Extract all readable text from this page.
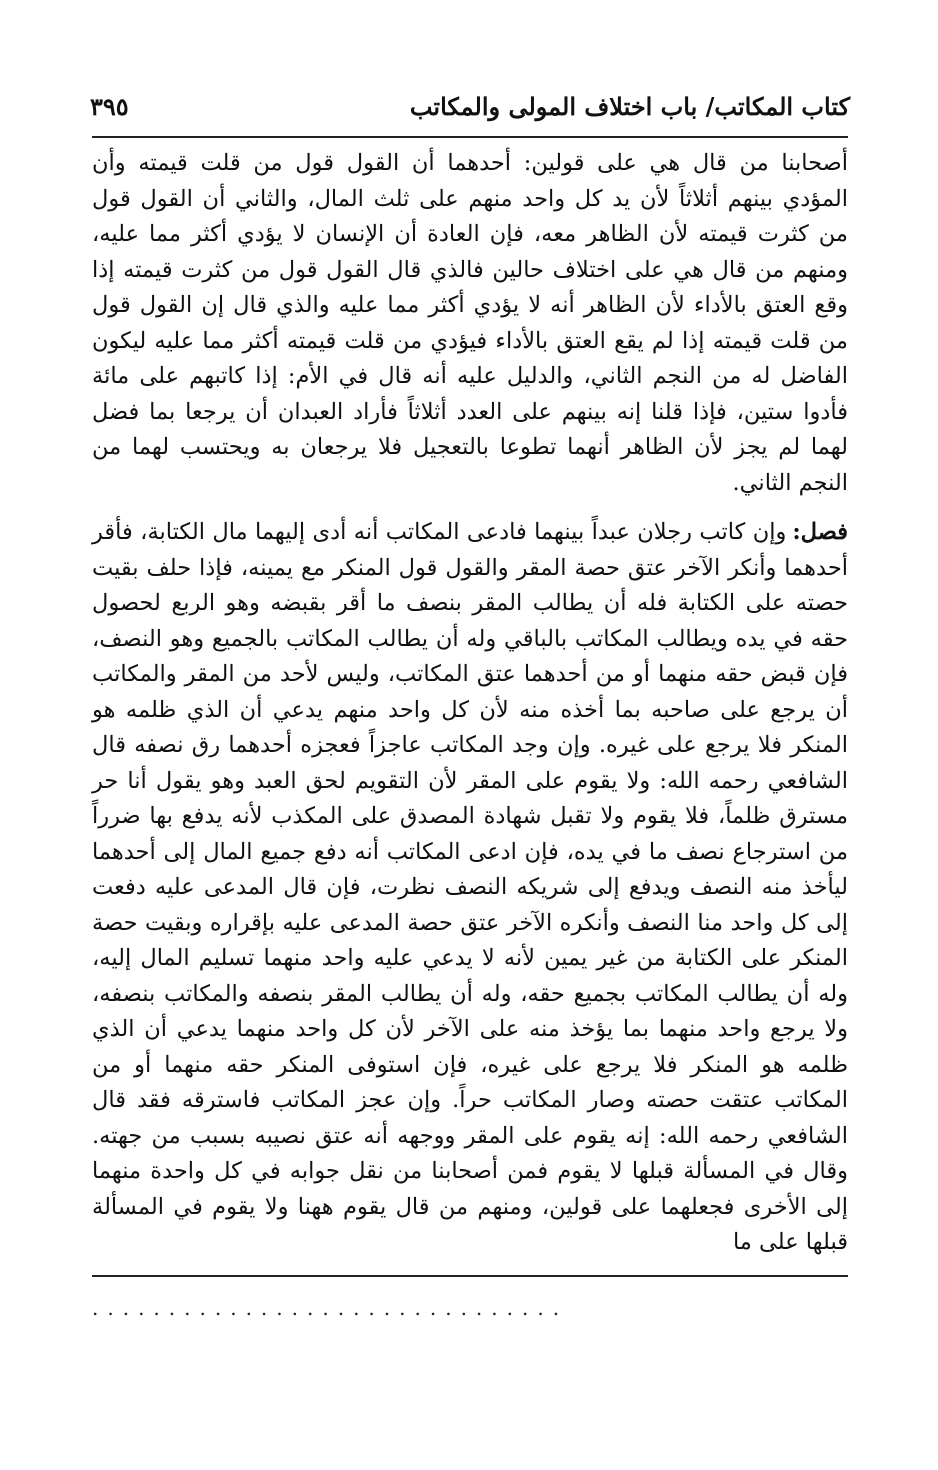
كتاب المكاتب/ باب اختلاف المولى والمكاتب
٣٩٥

أصحابنا من قال هي على قولين: أحدهما أن القول قول من قلت قيمته وأن المؤدي بينهم أثلاثاً لأن يد كل واحد منهم على ثلث المال، والثاني أن القول قول من كثرت قيمته لأن الظاهر معه، فإن العادة أن الإنسان لا يؤدي أكثر مما عليه، ومنهم من قال هي على اختلاف حالين فالذي قال القول قول من كثرت قيمته إذا وقع العتق بالأداء لأن الظاهر أنه لا يؤدي أكثر مما عليه والذي قال إن القول قول من قلت قيمته إذا لم يقع العتق بالأداء فيؤدي من قلت قيمته أكثر مما عليه ليكون الفاضل له من النجم الثاني، والدليل عليه أنه قال في الأم: إذا كاتبهم على مائة فأدوا ستين، فإذا قلنا إنه بينهم على العدد أثلاثاً فأراد العبدان أن يرجعا بما فضل لهما لم يجز لأن الظاهر أنهما تطوعا بالتعجيل فلا يرجعان به ويحتسب لهما من النجم الثاني.

فصل:وإن كاتب رجلان عبداً بينهما فادعى المكاتب أنه أدى إليهما مال الكتابة، فأقر أحدهما وأنكر الآخر عتق حصة المقر والقول قول المنكر مع يمينه، فإذا حلف بقيت حصته على الكتابة فله أن يطالب المقر بنصف ما أقر بقبضه وهو الربع لحصول حقه في يده ويطالب المكاتب بالباقي وله أن يطالب المكاتب بالجميع وهو النصف، فإن قبض حقه منهما أو من أحدهما عتق المكاتب، وليس لأحد من المقر والمكاتب أن يرجع على صاحبه بما أخذه منه لأن كل واحد منهم يدعي أن الذي ظلمه هو المنكر فلا يرجع على غيره. وإن وجد المكاتب عاجزاً فعجزه أحدهما رق نصفه قال الشافعي رحمه الله: ولا يقوم على المقر لأن التقويم لحق العبد وهو يقول أنا حر مسترق ظلماً، فلا يقوم ولا تقبل شهادة المصدق على المكذب لأنه يدفع بها ضرراً من استرجاع نصف ما في يده، فإن ادعى المكاتب أنه دفع جميع المال إلى أحدهما ليأخذ منه النصف ويدفع إلى شريكه النصف نظرت، فإن قال المدعى عليه دفعت إلى كل واحد منا النصف وأنكره الآخر عتق حصة المدعى عليه بإقراره وبقيت حصة المنكر على الكتابة من غير يمين لأنه لا يدعي عليه واحد منهما تسليم المال إليه، وله أن يطالب المكاتب بجميع حقه، وله أن يطالب المقر بنصفه والمكاتب بنصفه، ولا يرجع واحد منهما بما يؤخذ منه على الآخر لأن كل واحد منهما يدعي أن الذي ظلمه هو المنكر فلا يرجع على غيره، فإن استوفى المنكر حقه منهما أو من المكاتب عتقت حصته وصار المكاتب حراً. وإن عجز المكاتب فاسترقه فقد قال الشافعي رحمه الله: إنه يقوم على المقر ووجهه أنه عتق نصيبه بسبب من جهته. وقال في المسألة قبلها لا يقوم فمن أصحابنا من نقل جوابه في كل واحدة منهما إلى الأخرى فجعلهما على قولين، ومنهم من قال يقوم ههنا ولا يقوم في المسألة قبلها على ما

...............................
